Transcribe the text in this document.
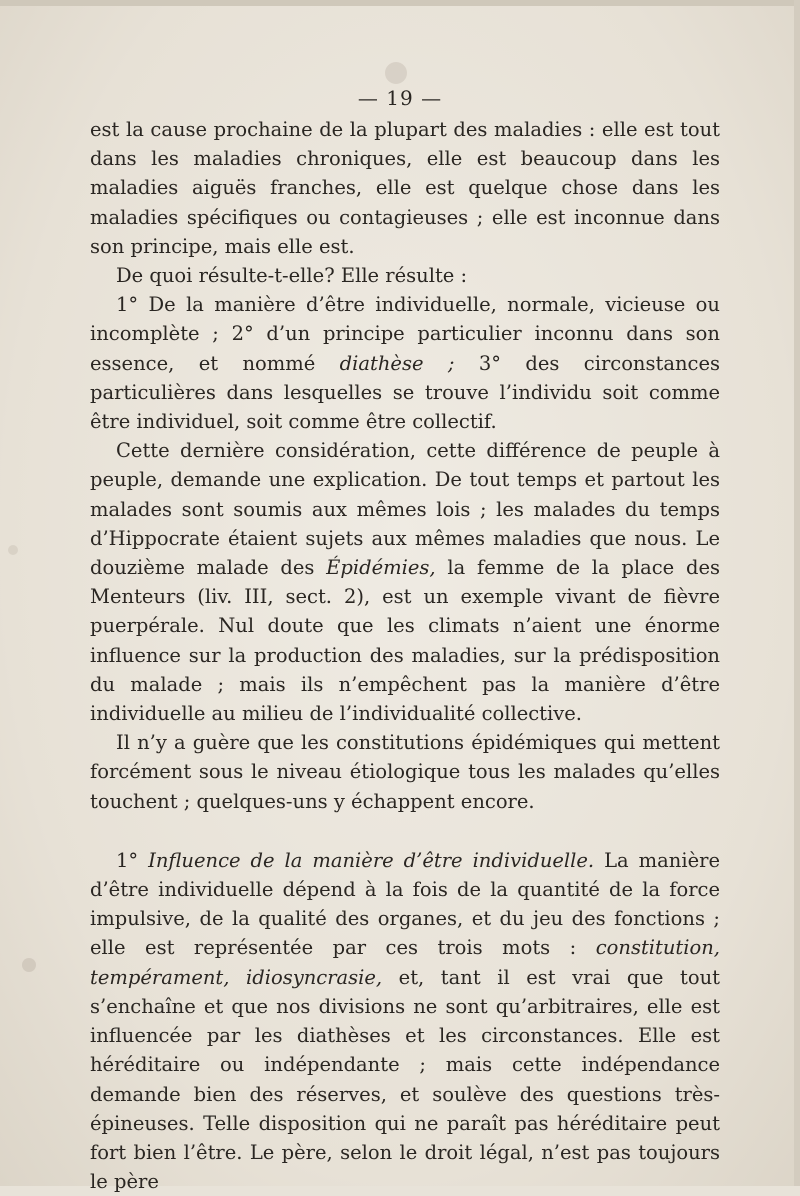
— 19 —

est la cause prochaine de la plupart des maladies : elle est tout dans les maladies chroniques, elle est beaucoup dans les maladies aiguës franches, elle est quelque chose dans les maladies spécifiques ou contagieuses ; elle est inconnue dans son principe, mais elle est.

De quoi résulte-t-elle? Elle résulte :

1° De la manière d’être individuelle, normale, vicieuse ou incomplète ; 2° d’un principe particulier inconnu dans son essence, et nommé diathèse ; 3° des circonstances particulières dans lesquelles se trouve l’individu soit comme être individuel, soit comme être collectif.

Cette dernière considération, cette différence de peuple à peuple, demande une explication. De tout temps et partout les malades sont soumis aux mêmes lois ; les malades du temps d’Hippocrate étaient sujets aux mêmes maladies que nous. Le douzième malade des Épidémies, la femme de la place des Menteurs (liv. III, sect. 2), est un exemple vivant de fièvre puerpérale. Nul doute que les climats n’aient une énorme influence sur la production des maladies, sur la prédisposition du malade ; mais ils n’empêchent pas la manière d’être individuelle au milieu de l’individualité collective.

Il n’y a guère que les constitutions épidémiques qui mettent forcément sous le niveau étiologique tous les malades qu’elles touchent ; quelques-uns y échappent encore.

1° Influence de la manière d’être individuelle. La manière d’être individuelle dépend à la fois de la quantité de la force impulsive, de la qualité des organes, et du jeu des fonctions ; elle est représentée par ces trois mots : constitution, tempérament, idiosyncrasie, et, tant il est vrai que tout s’enchaîne et que nos divisions ne sont qu’arbitraires, elle est influencée par les diathèses et les circonstances. Elle est héréditaire ou indépendante ; mais cette indépendance demande bien des réserves, et soulève des questions très-épineuses. Telle disposition qui ne paraît pas héréditaire peut fort bien l’être. Le père, selon le droit légal, n’est pas toujours le père
